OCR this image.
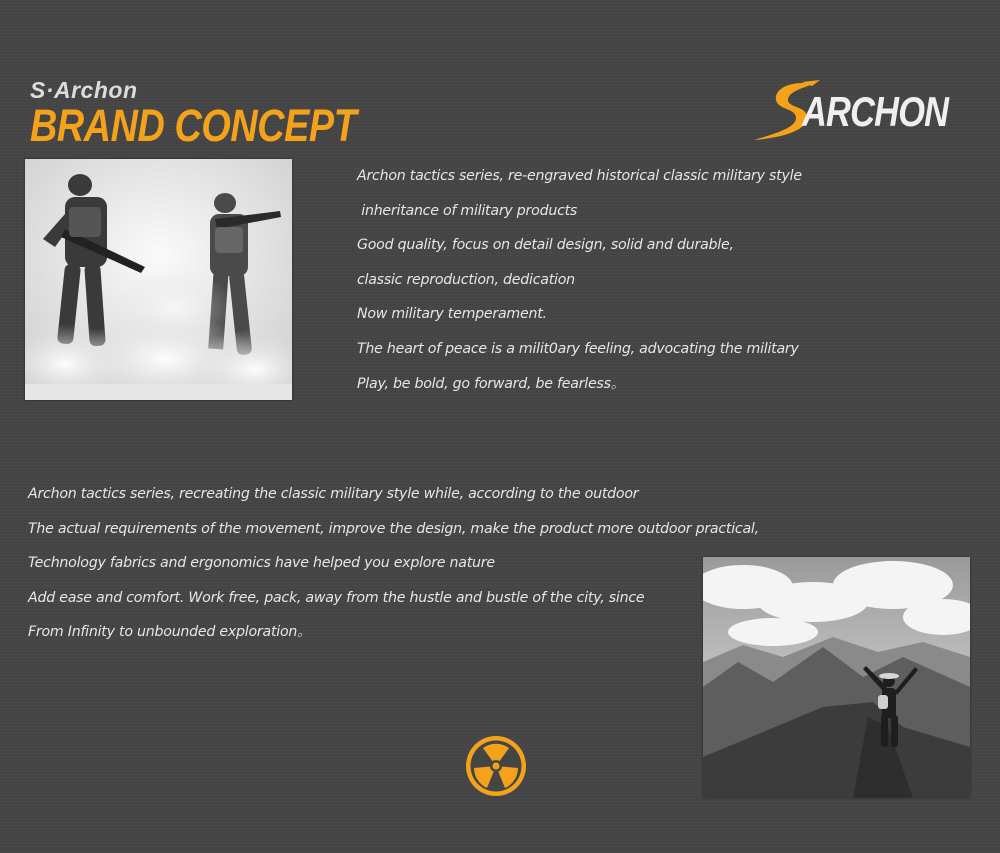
S·Archon
BRAND CONCEPT	ARCHON
Archon tactics series, re-engraved historical classic military style
inheritance of military products
Good quality, focus on detail design, solid and durable,
classic reproduction, dedication
Now military temperament.
The heart of peace is a milit0ary feeling, advocating the military
Play, be bold, go forward, be fearless。
Archon tactics series, recreating the classic military style while, according to the outdoor
The actual requirements of the movement, improve the design, make the product more outdoor practical,
Technology fabrics and ergonomics have helped you explore nature
Add ease and comfort. Work free, pack, away from the hustle and bustle of the city, since
From Infinity to unbounded exploration。
